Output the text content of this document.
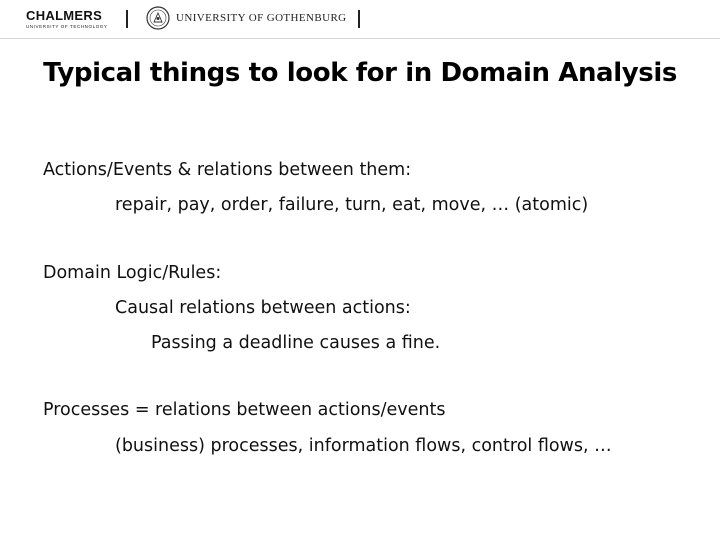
CHALMERS
UNIVERSITY OF TECHNOLOGY
UNIVERSITY OF GOTHENBURG
Typical things to look for in Domain Analysis
Actions/Events & relations between them:
repair, pay, order, failure, turn, eat, move, … (atomic)
Domain Logic/Rules:
Causal relations between actions:
Passing a deadline causes a fine.
Processes = relations between actions/events
(business) processes, information flows, control flows, …
